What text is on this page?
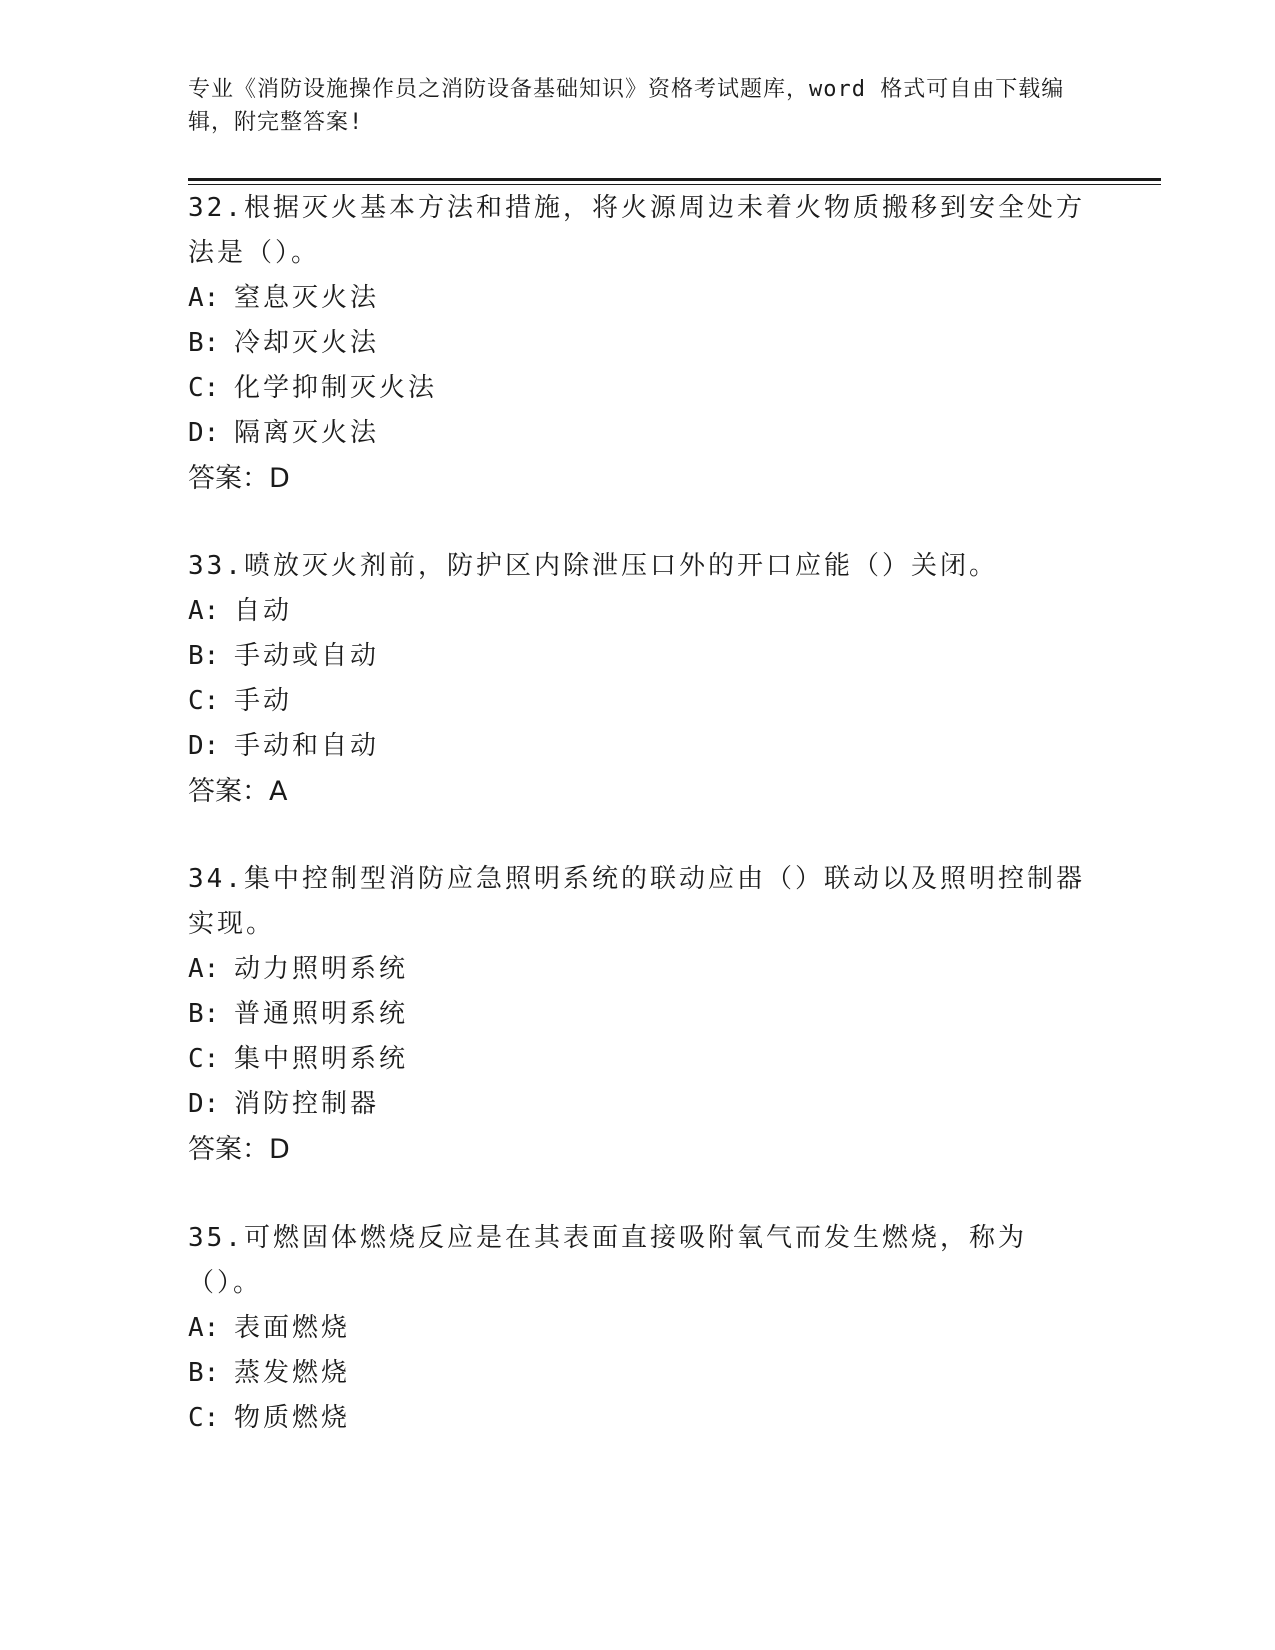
专业《消防设施操作员之消防设备基础知识》资格考试题库，word 格式可自由下载编辑，附完整答案!
32.根据灭火基本方法和措施，将火源周边未着火物质搬移到安全处方法是（）。
A: 窒息灭火法
B: 冷却灭火法
C: 化学抑制灭火法
D: 隔离灭火法
答案：D
33.喷放灭火剂前，防护区内除泄压口外的开口应能（）关闭。
A: 自动
B: 手动或自动
C: 手动
D: 手动和自动
答案：A
34.集中控制型消防应急照明系统的联动应由（）联动以及照明控制器实现。
A: 动力照明系统
B: 普通照明系统
C: 集中照明系统
D: 消防控制器
答案：D
35.可燃固体燃烧反应是在其表面直接吸附氧气而发生燃烧，称为（）。
A: 表面燃烧
B: 蒸发燃烧
C: 物质燃烧
